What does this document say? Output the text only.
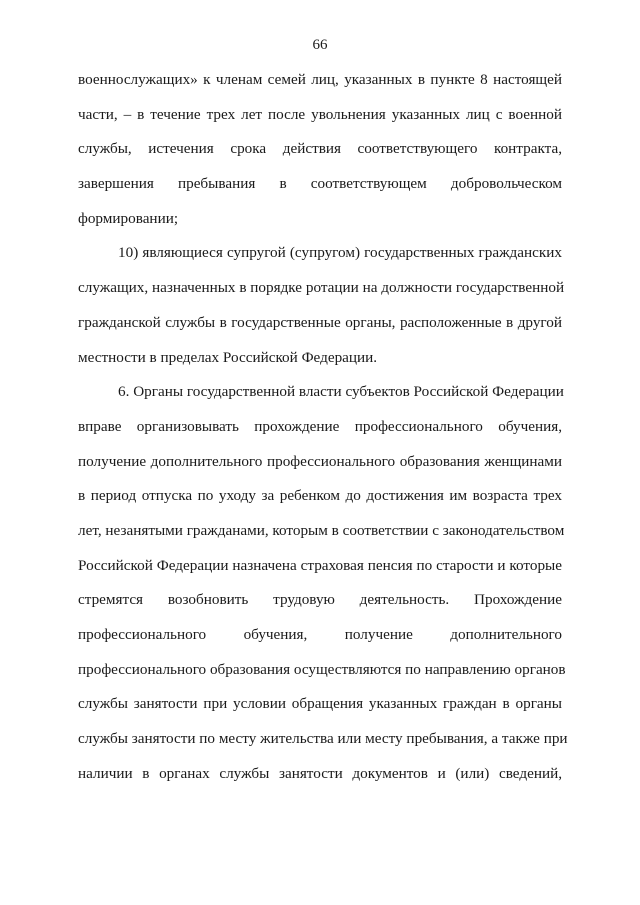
66
военнослужащих» к членам семей лиц, указанных в пункте 8 настоящей
части, – в течение трех лет после увольнения указанных лиц с военной
службы, истечения срока действия соответствующего контракта,
завершения пребывания в соответствующем добровольческом
формировании;
10) являющиеся супругой (супругом) государственных гражданских
служащих, назначенных в порядке ротации на должности государственной
гражданской службы в государственные органы, расположенные в другой
местности в пределах Российской Федерации.
6. Органы государственной власти субъектов Российской Федерации
вправе организовывать прохождение профессионального обучения,
получение дополнительного профессионального образования женщинами
в период отпуска по уходу за ребенком до достижения им возраста трех
лет, незанятыми гражданами, которым в соответствии с законодательством
Российской Федерации назначена страховая пенсия по старости и которые
стремятся возобновить трудовую деятельность. Прохождение
профессионального обучения, получение дополнительного
профессионального образования осуществляются по направлению органов
службы занятости при условии обращения указанных граждан в органы
службы занятости по месту жительства или месту пребывания, а также при
наличии в органах службы занятости документов и (или) сведений,
